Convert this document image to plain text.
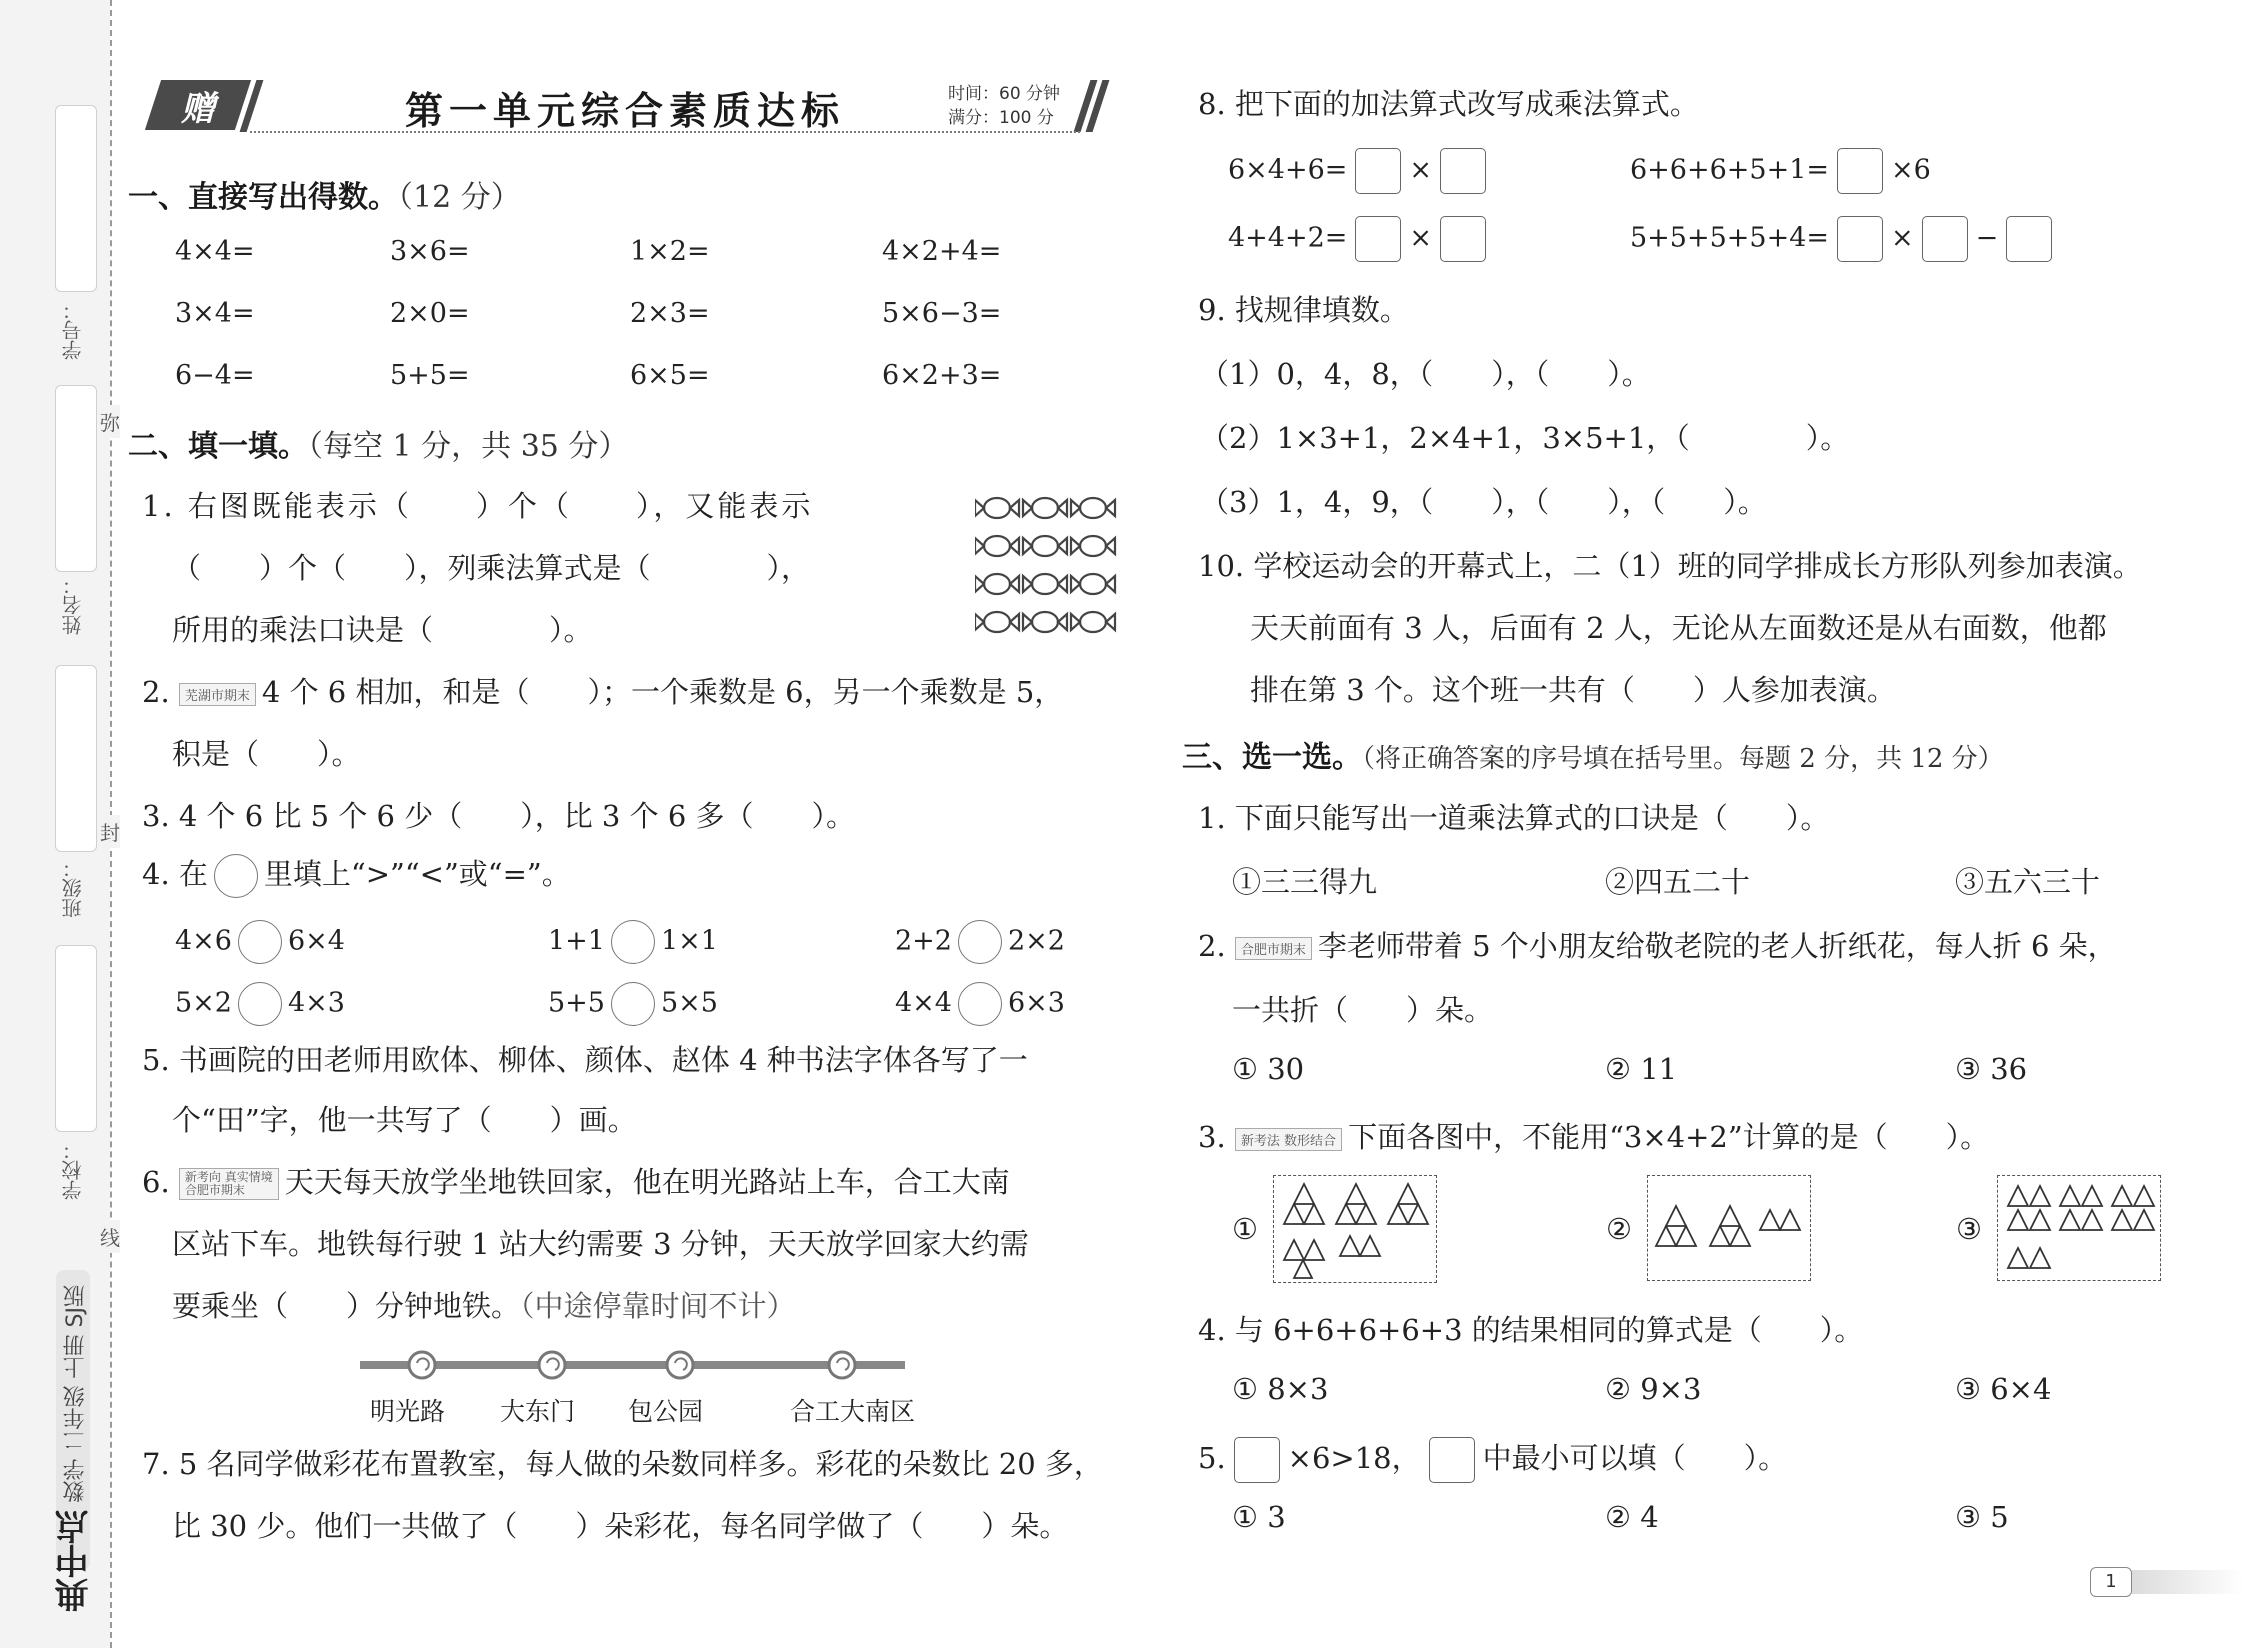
学号：
姓名：
班级：
学校：
弥
封
线
数学 二年级 上册 SJ版
典中点
赠	第一单元综合素质达标	时间：60 分钟
满分：100 分
一、直接写出得数。（12 分）
4×4=	3×6=	1×2=	4×2+4=
3×4=	2×0=	2×3=	5×6−3=
6−4=	5+5=	6×5=	6×2+3=
二、填一填。（每空 1 分，共 35 分）
1. 右图既能表示（　　）个（　　），又能表示
（　　）个（　　），列乘法算式是（　　　　），
所用的乘法口诀是（　　　　）。
2. 芜湖市期末 4 个 6 相加，和是（　　）；一个乘数是 6，另一个乘数是 5，
积是（　　）。
3. 4 个 6 比 5 个 6 少（　　），比 3 个 6 多（　　）。
4. 在 里填上“>”“<”或“=”。
4×6 6×4	1+1 1×1	2+2 2×2
5×2 4×3	5+5 5×5	4×4 6×3
5. 书画院的田老师用欧体、柳体、颜体、赵体 4 种书法字体各写了一
个“田”字，他一共写了（　　）画。
6. 新考向 真实情境
合肥市期末 天天每天放学坐地铁回家，他在明光路站上车，合工大南
区站下车。地铁每行驶 1 站大约需要 3 分钟，天天放学回家大约需
要乘坐（　　）分钟地铁。（中途停靠时间不计）
明光路 大东门 包公园	合工大南区
7. 5 名同学做彩花布置教室，每人做的朵数同样多。彩花的朵数比 20 多，
比 30 少。他们一共做了（　　）朵彩花，每名同学做了（　　）朵。
8. 把下面的加法算式改写成乘法算式。
6×4+6= ×	6+6+6+5+1= ×6
4+4+2= ×	5+5+5+5+4= × −
9. 找规律填数。
（1）0，4，8，（　　），（　　）。
（2）1×3+1，2×4+1，3×5+1，（　　　　）。
（3）1，4，9，（　　），（　　），（　　）。
10. 学校运动会的开幕式上，二（1）班的同学排成长方形队列参加表演。
天天前面有 3 人，后面有 2 人，无论从左面数还是从右面数，他都
排在第 3 个。这个班一共有（　　）人参加表演。
三、选一选。（将正确答案的序号填在括号里。每题 2 分，共 12 分）
1. 下面只能写出一道乘法算式的口诀是（　　）。
①三三得九	②四五二十	③五六三十
2. 合肥市期末 李老师带着 5 个小朋友给敬老院的老人折纸花，每人折 6 朵，
一共折（　　）朵。
① 30	② 11	③ 36
3. 新考法 数形结合 下面各图中，不能用“3×4+2”计算的是（　　）。
①	②	③
4. 与 6+6+6+6+3 的结果相同的算式是（　　）。
① 8×3	② 9×3	③ 6×4
5. ×6>18， 中最小可以填（　　）。
① 3	② 4	③ 5
1
